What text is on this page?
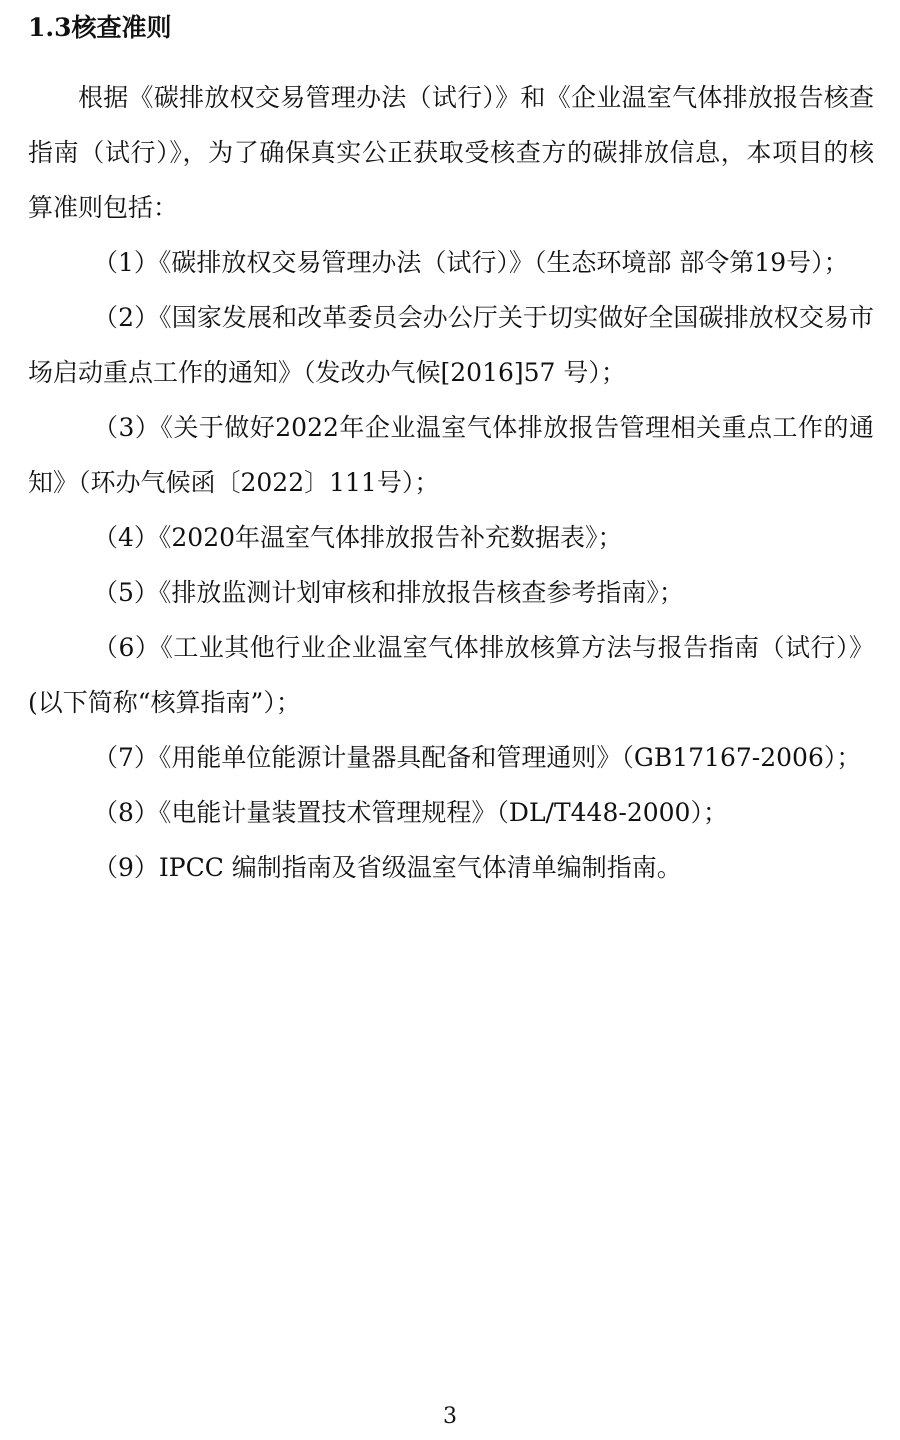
1.3核查准则

根据《碳排放权交易管理办法（试行）》和《企业温室气体排放报告核查指南（试行）》，为了确保真实公正获取受核查方的碳排放信息，本项目的核算准则包括：

（1）《碳排放权交易管理办法（试行）》（生态环境部 部令第19号）；

（2）《国家发展和改革委员会办公厅关于切实做好全国碳排放权交易市场启动重点工作的通知》（发改办气候[2016]57 号）；

（3）《关于做好2022年企业温室气体排放报告管理相关重点工作的通知》（环办气候函〔2022〕111号）；

（4）《2020年温室气体排放报告补充数据表》；

（5）《排放监测计划审核和排放报告核查参考指南》；

（6）《工业其他行业企业温室气体排放核算方法与报告指南（试行）》(以下简称“核算指南”）；

（7）《用能单位能源计量器具配备和管理通则》（GB17167-2006）；

（8）《电能计量装置技术管理规程》（DL/T448-2000）；

（9）IPCC 编制指南及省级温室气体清单编制指南。

3
